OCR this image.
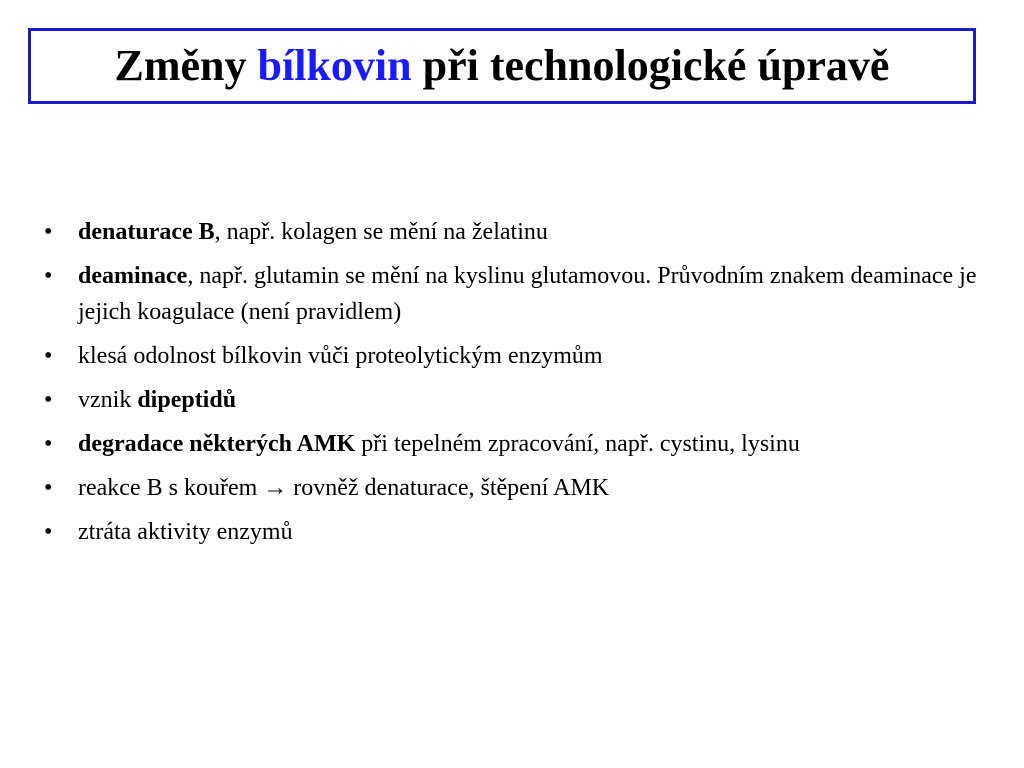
Změny bílkovin při technologické úpravě
• denaturace B, např. kolagen se mění na želatinu
• deaminace, např. glutamin se mění na kyslinu glutamovou. Průvodním znakem deaminace je jejich koagulace (není pravidlem)
• klesá odolnost bílkovin vůči proteolytickým enzymům
• vznik dipeptidů
• degradace některých AMK při tepelném zpracování, např. cystinu, lysinu
• reakce B s kouřem → rovněž denaturace, štěpení AMK
• ztráta aktivity enzymů
